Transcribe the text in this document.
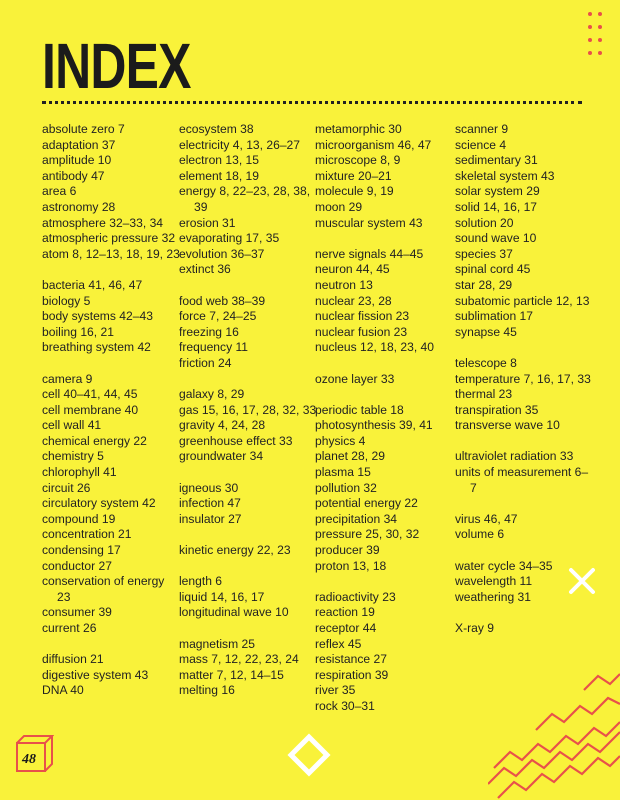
INDEX
absolute zero 7
adaptation 37
amplitude 10
antibody 47
area 6
astronomy 28
atmosphere 32–33, 34
atmospheric pressure 32
atom 8, 12–13, 18, 19, 23
bacteria 41, 46, 47
biology 5
body systems 42–43
boiling 16, 21
breathing system 42
camera 9
cell 40–41, 44, 45
cell membrane 40
cell wall 41
chemical energy 22
chemistry 5
chlorophyll 41
circuit 26
circulatory system 42
compound 19
concentration 21
condensing 17
conductor 27
conservation of energy 23
consumer 39
current 26
diffusion 21
digestive system 43
DNA 40
ecosystem 38
electricity 4, 13, 26–27
electron 13, 15
element 18, 19
energy 8, 22–23, 28, 38, 39
erosion 31
evaporating 17, 35
evolution 36–37
extinct 36
food web 38–39
force 7, 24–25
freezing 16
frequency 11
friction 24
galaxy 8, 29
gas 15, 16, 17, 28, 32, 33
gravity 4, 24, 28
greenhouse effect 33
groundwater 34
igneous 30
infection 47
insulator 27
kinetic energy 22, 23
length 6
liquid 14, 16, 17
longitudinal wave 10
magnetism 25
mass 7, 12, 22, 23, 24
matter 7, 12, 14–15
melting 16
metamorphic 30
microorganism 46, 47
microscope 8, 9
mixture 20–21
molecule 9, 19
moon 29
muscular system 43
nerve signals 44–45
neuron 44, 45
neutron 13
nuclear 23, 28
nuclear fission 23
nuclear fusion 23
nucleus 12, 18, 23, 40
ozone layer 33
periodic table 18
photosynthesis 39, 41
physics 4
planet 28, 29
plasma 15
pollution 32
potential energy 22
precipitation 34
pressure 25, 30, 32
producer 39
proton 13, 18
radioactivity 23
reaction 19
receptor 44
reflex 45
resistance 27
respiration 39
river 35
rock 30–31
scanner 9
science 4
sedimentary 31
skeletal system 43
solar system 29
solid 14, 16, 17
solution 20
sound wave 10
species 37
spinal cord 45
star 28, 29
subatomic particle 12, 13
sublimation 17
synapse 45
telescope 8
temperature 7, 16, 17, 33
thermal 23
transpiration 35
transverse wave 10
ultraviolet radiation 33
units of measurement 6–7
virus 46, 47
volume 6
water cycle 34–35
wavelength 11
weathering 31
X-ray 9
48
